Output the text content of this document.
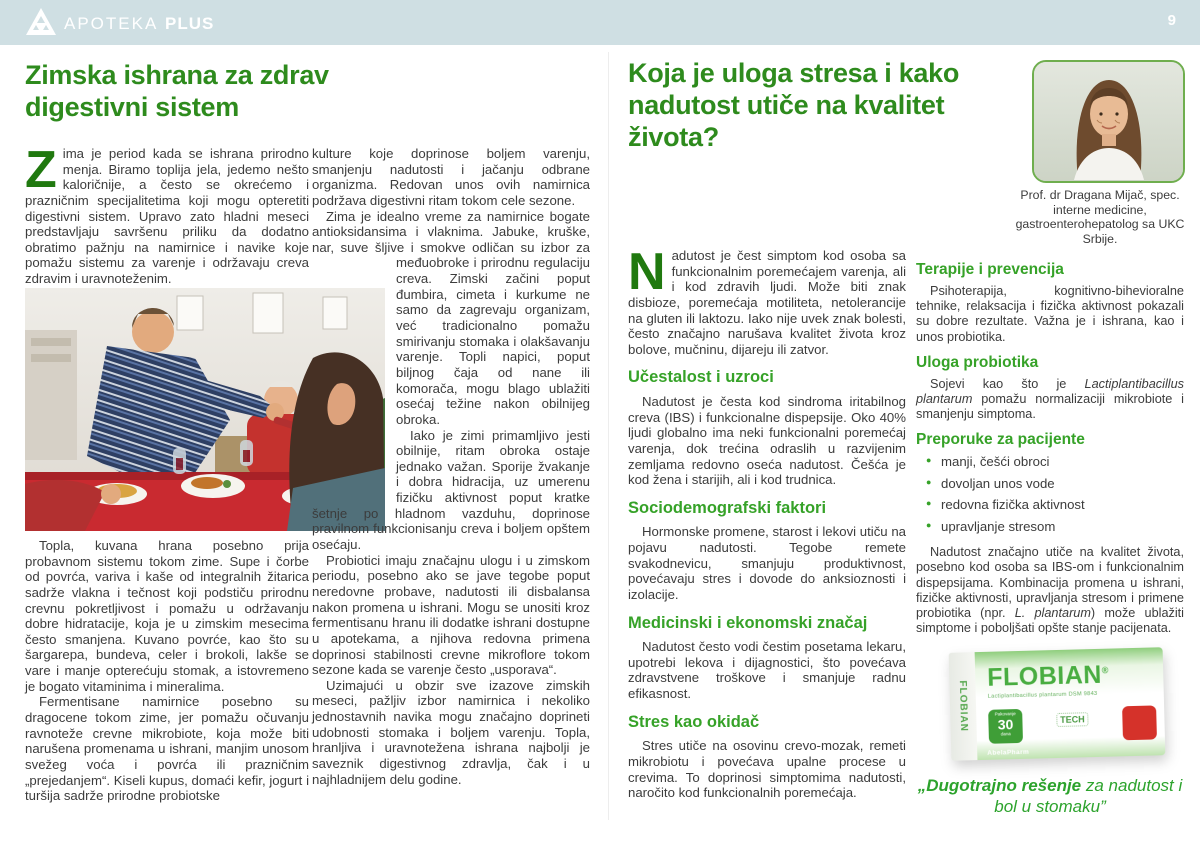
APOTEKA PLUS	9
Zimska ishrana za zdrav digestivni sistem

Zima je period kada se ishrana prirodno menja. Biramo toplija jela, jedemo nešto kaloričnije, a često se okrećemo i prazničnim specijalitetima koji mogu opteretiti digestivni sistem. Upravo zato hladni meseci predstavljaju savršenu priliku da dodatno obratimo pažnju na namirnice i navike koje pomažu sistemu za varenje i održavaju creva zdravim i uravnoteženim.

Topla, kuvana hrana posebno prija probavnom sistemu tokom zime. Supe i čorbe od povrća, variva i kaše od integralnih žitarica sadrže vlakna i tečnost koji podstiču prirodnu crevnu pokretljivost i pomažu u održavanju dobre hidratacije, koja je u zimskim mesecima često smanjena. Kuvano povrće, kao što su šargarepa, bundeva, celer i brokoli, lakše se vare i manje opterećuju stomak, a istovremeno je bogato vitaminima i mineralima.

Fermentisane namirnice posebno su dragocene tokom zime, jer pomažu očuvanju ravnoteže crevne mikrobiote, koja može biti narušena promenama u ishrani, manjim unosom svežeg voća i povrća ili prazničnim „prejedanjem“. Kiseli kupus, domaći kefir, jogurt i turšija sadrže prirodne probiotske

kulture koje doprinose boljem varenju, smanjenju nadutosti i jačanju odbrane organizma. Redovan unos ovih namirnica podržava digestivni ritam tokom cele sezone.

Zima je idealno vreme za namirnice bogate antioksidansima i vlaknima. Jabuke, kruške, nar, suve šljive i smokve odličan su izbor za međuobroke i prirodnu regulaciju
creva. Zimski začini poput đumbira, cimeta i kurkume ne samo da zagrevaju organizam, već tradicionalno pomažu smirivanju stomaka i olakšavanju varenje. Topli napici, poput biljnog čaja od nane ili komorača, mogu blago ublažiti osećaj težine nakon obilnijeg obroka.

Iako je zimi primamljivo jesti obilnije, ritam obroka ostaje jednako važan. Sporije žvakanje i dobra hidracija, uz umerenu fizičku aktivnost poput kratke šetnje po hladnom vazduhu, doprinose pravilnom funkcionisanju creva i boljem opštem osećaju.

Probiotici imaju značajnu ulogu i u zimskom periodu, posebno ako se jave tegobe poput neredovne probave, nadutosti ili disbalansa nakon promena u ishrani. Mogu se unositi kroz fermentisanu hranu ili dodatke ishrani dostupne u apotekama, a njihova redovna primena doprinosi stabilnosti crevne mikroflore tokom sezone kada se varenje često „usporava“.

Uzimajući u obzir sve izazove zimskih meseci, pažljiv izbor namirnica i nekoliko jednostavnih navika mogu značajno doprineti udobnosti stomaka i boljem varenju. Topla, hranljiva i uravnotežena ishrana najbolji je saveznik digestivnog zdravlja, čak i u najhladnijem delu godine.

Koja je uloga stresa i kako nadutost utiče na kvalitet života?
Prof. dr Dragana Mijač, spec. interne medicine, gastroenterohepatolog sa UKC Srbije.

Nadutost je čest simptom kod osoba sa funkcionalnim poremećajem varenja, ali i kod zdravih ljudi. Može biti znak disbioze, poremećaja motiliteta, netolerancije na gluten ili laktozu. Iako nije uvek znak bolesti, često značajno narušava kvalitet života kroz bolove, mučninu, dijareju ili zatvor.

Učestalost i uzroci

Nadutost je česta kod sindroma iritabilnog creva (IBS) i funkcionalne dispepsije. Oko 40% ljudi globalno ima neki funkcionalni poremećaj varenja, dok trećina odraslih u razvijenim zemljama redovno oseća nadutost. Češća je kod žena i starijih, ali i kod trudnica.

Sociodemografski faktori

Hormonske promene, starost i lekovi utiču na pojavu nadutosti. Tegobe remete svakodnevicu, smanjuju produktivnost, povećavaju stres i dovode do anksioznosti i izolacije.

Medicinski i ekonomski značaj

Nadutost često vodi čestim posetama lekaru, upotrebi lekova i dijagnostici, što povećava zdravstvene troškove i smanjuje radnu efikasnost.

Stres kao okidač

Stres utiče na osovinu crevo-mozak, remeti mikrobiotu i povećava upalne procese u crevima. To doprinosi simptomima nadutosti, naročito kod funkcionalnih poremećaja.

Terapije i prevencija

Psihoterapija, kognitivno-bihevioralne tehnike, relaksacija i fizička aktivnost pokazali su dobre rezultate. Važna je i ishrana, kao i unos probiotika.

Uloga probiotika

Sojevi kao što je Lactiplantibacillus plantarum pomažu normalizaciji mikrobiote i smanjenju simptoma.

Preporuke za pacijente
● manji, češći obroci
● dovoljan unos vode
● redovna fizička aktivnost
● upravljanje stresom

Nadutost značajno utiče na kvalitet života, posebno kod osoba sa IBS-om i funkcionalnim dispepsijama. Kombinacija promena u ishrani, fizičke aktivnosti, upravljanja stresom i primene probiotika (npr. L. plantarum) može ublažiti simptome i poboljšati opšte stanje pacijenata.

FLOBIAN
FLOBIAN®
Lactiplantibacillus plantarum DSM 9843
Pakovanje
30
dana
TECH
AbelaPharm
„Dugotrajno rešenje za nadutost i bol u stomaku”
